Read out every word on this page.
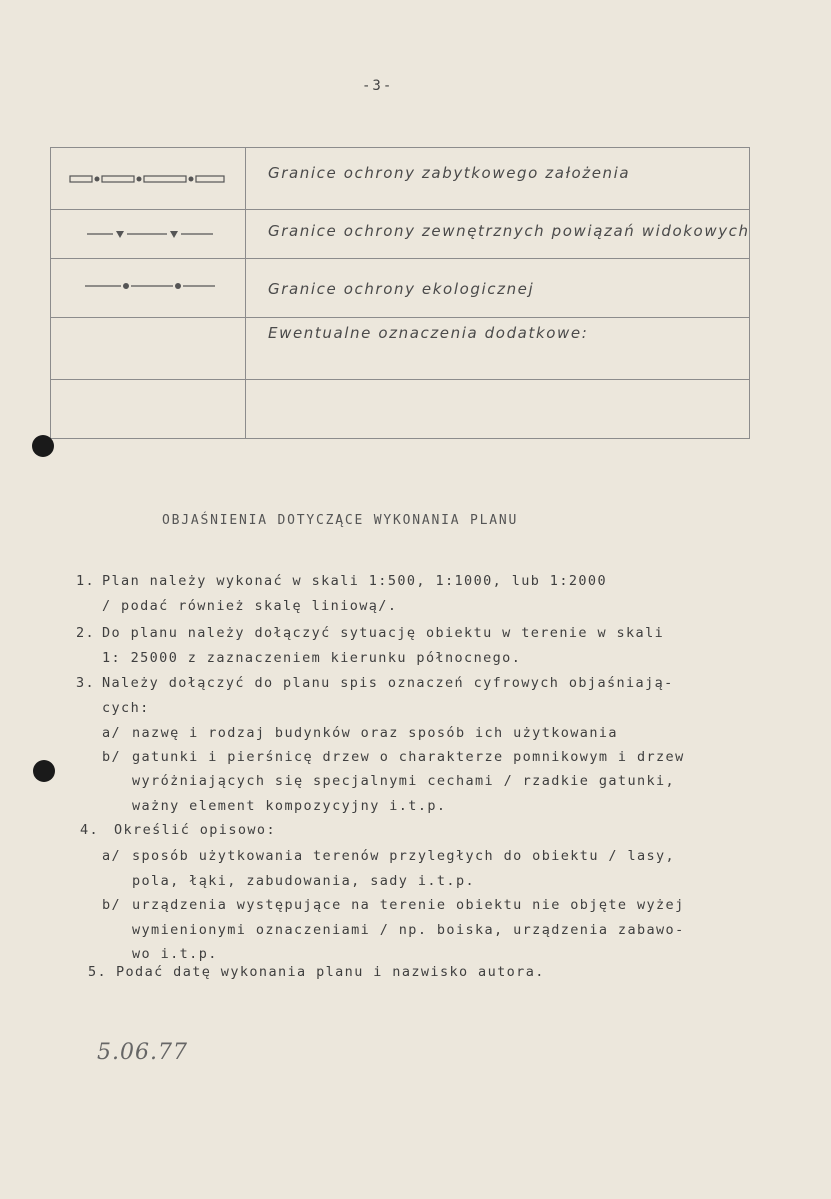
-3-
Granice ochrony zabytkowego założenia
Granice ochrony zewnętrznych powiązań widokowych
Granice ochrony ekologicznej
Ewentualne oznaczenia dodatkowe:
OBJAŚNIENIA DOTYCZĄCE WYKONANIA PLANU
1. Plan należy wykonać w skali 1:500, 1:1000, lub 1:2000
/ podać również skalę liniową/.
2. Do planu należy dołączyć sytuację obiektu w terenie w skali
1: 25000 z zaznaczeniem kierunku północnego.
3. Należy dołączyć do planu spis oznaczeń cyfrowych objaśniają-
cych:
a/ nazwę i rodzaj budynków oraz sposób ich użytkowania
b/ gatunki i pierśnicę drzew o charakterze pomnikowym i drzew
wyróżniających się specjalnymi cechami / rzadkie gatunki,
ważny element kompozycyjny i.t.p.
4. Określić opisowo:
a/ sposób użytkowania terenów przyległych do obiektu / lasy,
pola, łąki, zabudowania, sady i.t.p.
b/ urządzenia występujące na terenie obiektu nie objęte wyżej
wymienionymi oznaczeniami / np. boiska, urządzenia zabawo-
wo i.t.p.
5. Podać datę wykonania planu i nazwisko autora.
5.06.77
